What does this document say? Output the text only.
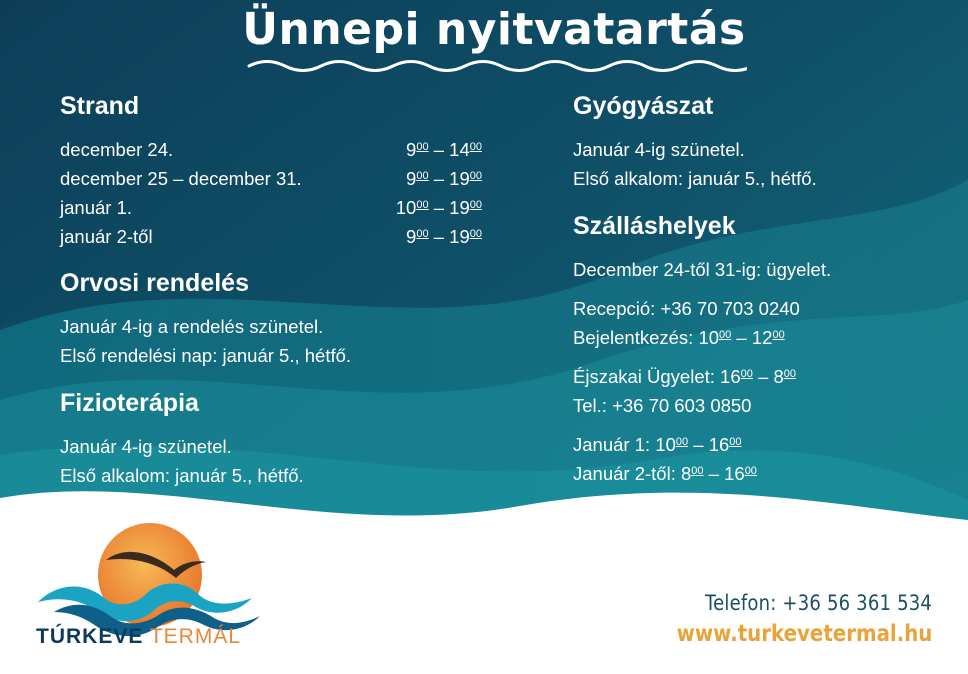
Ünnepi nyitvatartás
Strand
december 24.	$9^{00} - 14^{00}$
december 25 – december 31.	$9^{00} - 19^{00}$
január 1.	$10^{00} - 19^{00}$
január 2-től	$9^{00} - 19^{00}$
Orvosi rendelés
Január 4-ig a rendelés szünetel.
Első rendelési nap: január 5., hétfő.
Fizioterápia
Január 4-ig szünetel.
Első alkalom: január 5., hétfő.
Gyógyászat
Január 4-ig szünetel.
Első alkalom: január 5., hétfő.
Szálláshelyek
December 24-től 31-ig: ügyelet.
Recepció: +36 70 703 0240
Bejelentkezés: $10^{00} - 12^{00}$
Éjszakai Ügyelet: $16^{00} - 8^{00}$
Tel.: +36 70 603 0850
Január 1: $10^{00} - 16^{00}$
Január 2-től: $8^{00} - 16^{00}$
TÚRKEVE TERMÁL
Telefon: +36 56 361 534
www.turkevetermal.hu
